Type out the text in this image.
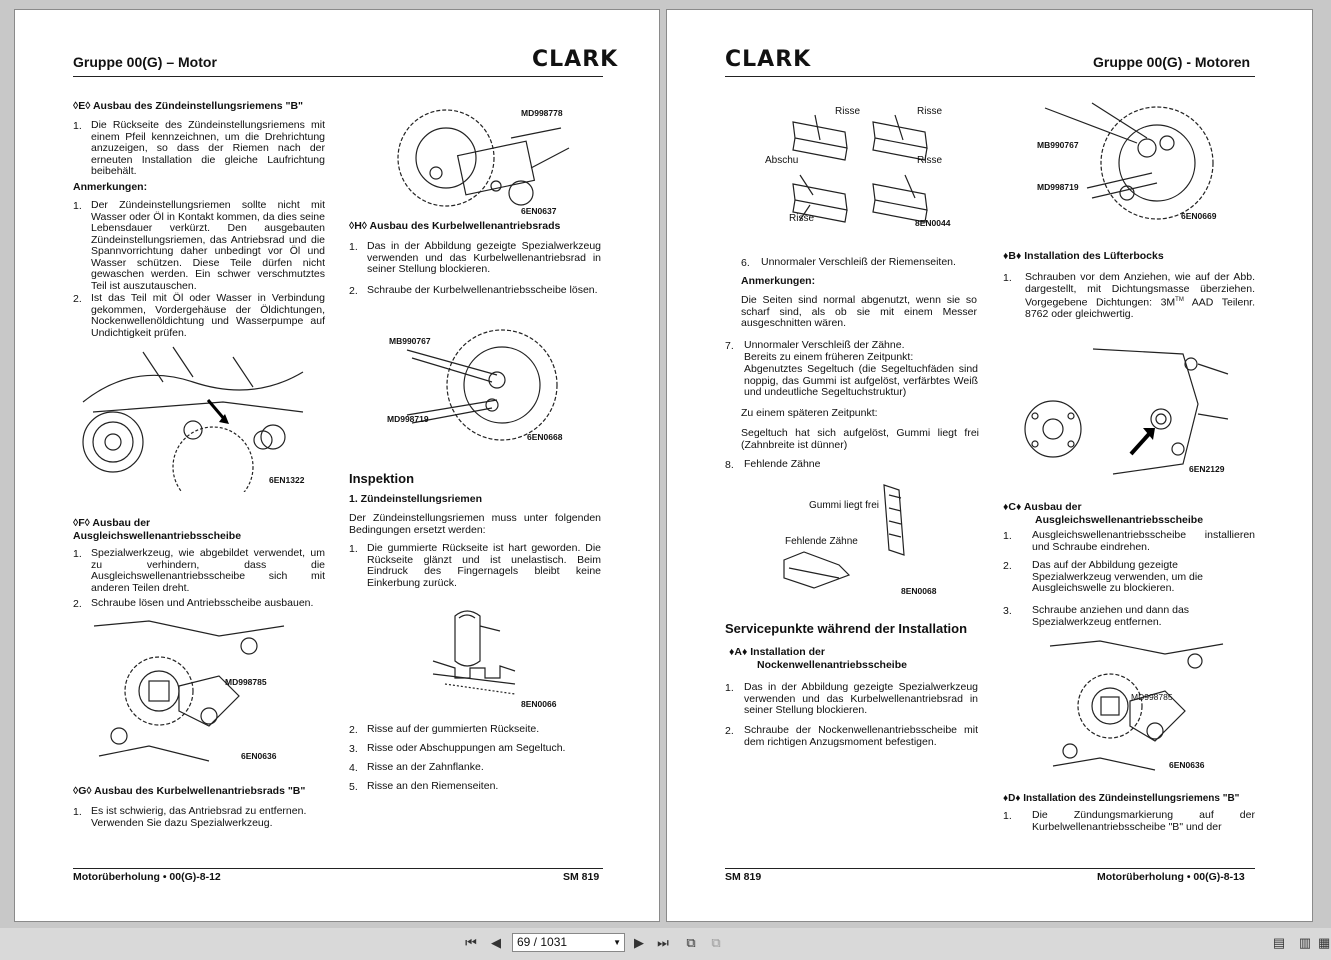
Gruppe 00(G) – Motor	CLARK
◊E◊ Ausbau des Zündeinstellungsriemens "B"
1. Die Rückseite des Zündeinstellungsriemens mit einem Pfeil kennzeichnen, um die Drehrichtung anzuzeigen, so dass der Riemen nach der erneuten Installation die gleiche Laufrichtung beibehält.
Anmerkungen:
1. Der Zündeinstellungsriemen sollte nicht mit Wasser oder Öl in Kontakt kommen, da dies seine Lebensdauer verkürzt. Den ausgebauten Zündeinstellungsriemen, das Antriebsrad und die Spannvorrichtung daher unbedingt vor Öl und Wasser schützen. Diese Teile dürfen nicht gewaschen werden. Ein schwer verschmutztes Teil ist auszutauschen.
2. Ist das Teil mit Öl oder Wasser in Verbindung gekommen, Vordergehäuse der Öldichtungen, Nockenwellenöldichtung und Wasserpumpe auf Undichtigkeit prüfen.
6EN1322
◊F◊ Ausbau der
Ausgleichswellenantriebsscheibe
1. Spezialwerkzeug, wie abgebildet verwendet, um zu verhindern, dass die Ausgleichswellenantriebsscheibe sich mit anderen Teilen dreht.
2. Schraube lösen und Antriebsscheibe ausbauen.
MD998785
6EN0636
◊G◊ Ausbau des Kurbelwellenantriebsrads "B"
1. Es ist schwierig, das Antriebsrad zu entfernen. Verwenden Sie dazu Spezialwerkzeug.
MD998778
6EN0637
◊H◊ Ausbau des Kurbelwellenantriebsrads
1. Das in der Abbildung gezeigte Spezialwerkzeug verwenden und das Kurbelwellenantriebsrad in seiner Stellung blockieren.
2. Schraube der Kurbelwellenantriebsscheibe lösen.
MB990767
MD998719
6EN0668
Inspektion
1. Zündeinstellungsriemen
Der Zündeinstellungsriemen muss unter folgenden Bedingungen ersetzt werden:
1. Die gummierte Rückseite ist hart geworden. Die Rückseite glänzt und ist unelastisch. Beim Eindruck des Fingernagels bleibt keine Einkerbung zurück.
8EN0066
2. Risse auf der gummierten Rückseite.
3. Risse oder Abschuppungen am Segeltuch.
4. Risse an der Zahnflanke.
5. Risse an den Riemenseiten.
Motorüberholung • 00(G)-8-12	SM 819
CLARK	Gruppe 00(G) - Motoren
Risse	Risse
Abschu	Risse
Risse	8EN0044
6. Unnormaler Verschleiß der Riemenseiten.
Anmerkungen:
Die Seiten sind normal abgenutzt, wenn sie so scharf sind, als ob sie mit einem Messer ausgeschnitten wären.
7. Unnormaler Verschleiß der Zähne.
Bereits zu einem früheren Zeitpunkt:
Abgenutztes Segeltuch (die Segeltuchfäden sind noppig, das Gummi ist aufgelöst, verfärbtes Weiß und undeutliche Segeltuchstruktur)
Zu einem späteren Zeitpunkt:
Segeltuch hat sich aufgelöst, Gummi liegt frei (Zahnbreite ist dünner)
8. Fehlende Zähne
Gummi liegt frei
Fehlende Zähne
8EN0068
Servicepunkte während der Installation
♦A♦ Installation der
Nockenwellenantriebsscheibe
1. Das in der Abbildung gezeigte Spezialwerkzeug verwenden und das Kurbelwellenantriebsrad in seiner Stellung blockieren.
2. Schraube der Nockenwellenantriebsscheibe mit dem richtigen Anzugsmoment befestigen.
MB990767
MD998719
6EN0669
♦B♦ Installation des Lüfterbocks
1. Schrauben vor dem Anziehen, wie auf der Abb. dargestellt, mit Dichtungsmasse überziehen. Vorgegebene Dichtungen: 3M™ AAD Teilenr. 8762 oder gleichwertig.
6EN2129
♦C♦ Ausbau der
Ausgleichswellenantriebsscheibe
1. Ausgleichswellenantriebsscheibe installieren und Schraube eindrehen.
2. Das auf der Abbildung gezeigte Spezialwerkzeug verwenden, um die Ausgleichswelle zu blockieren.
3. Schraube anziehen und dann das Spezialwerkzeug entfernen.
MD998785
6EN0636
♦D♦ Installation des Zündeinstellungsriemens "B"
1. Die Zündungsmarkierung auf der Kurbelwellenantriebsscheibe "B" und der
SM 819	Motorüberholung • 00(G)-8-13
⏮	◀	69 / 1031	▼	▶	⏭	⧉	⧉	▤ ▥ ▦
